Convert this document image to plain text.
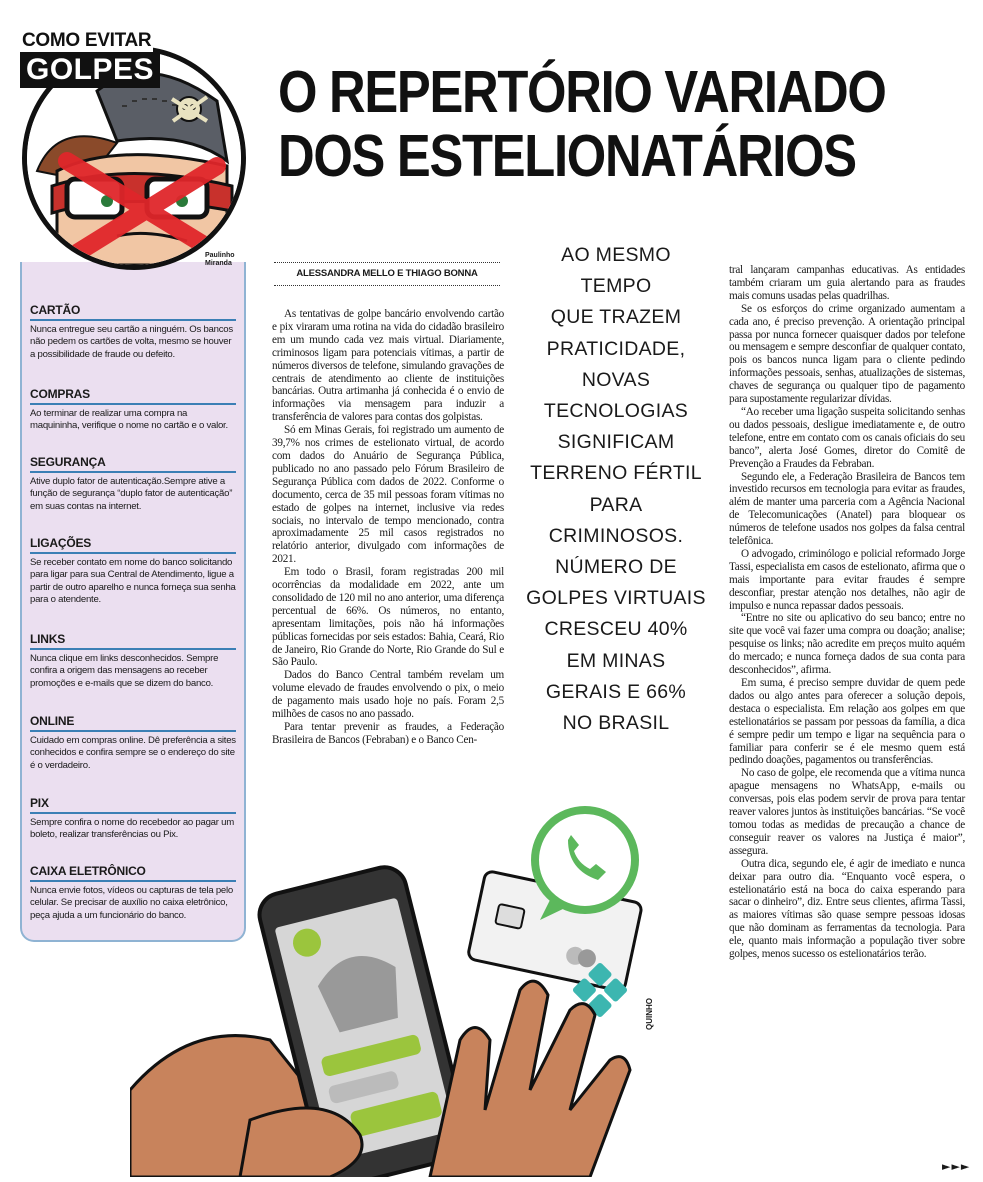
COMO EVITAR
GOLPES
Paulinho
Miranda
CARTÃO

Nunca entregue seu cartão a ninguém. Os bancos não pedem os cartões de volta, mesmo se houver a possibilidade de fraude ou defeito.

COMPRAS

Ao terminar de realizar uma compra na maquininha, verifique o nome no cartão e o valor.

SEGURANÇA

Ative duplo fator de autenticação.Sempre ative a função de segurança “duplo fator de autenticação” em suas contas na internet.

LIGAÇÕES

Se receber contato em nome do banco solicitando para ligar para sua Central de Atendimento, ligue a partir de outro aparelho e nunca forneça sua senha para o atendente.

LINKS

Nunca clique em links desconhecidos. Sempre confira a origem das mensagens ao receber promoções e e-mails que se dizem do banco.

ONLINE

Cuidado em compras online. Dê preferência a sites conhecidos e confira sempre se o endereço do site é o verdadeiro.

PIX

Sempre confira o nome do recebedor ao pagar um boleto, realizar transferências ou Pix.

CAIXA ELETRÔNICO

Nunca envie fotos, vídeos ou capturas de tela pelo celular. Se precisar de auxílio no caixa eletrônico, peça ajuda a um funcionário do banco.

O REPERTÓRIO VARIADO
DOS ESTELIONATÁRIOS
ALESSANDRA MELLO E THIAGO BONNA

As tentativas de golpe bancário envolvendo cartão e pix viraram uma rotina na vida do cidadão brasileiro em um mundo cada vez mais virtual. Diariamente, criminosos ligam para potenciais vítimas, a partir de números diversos de telefone, simulando gravações de centrais de atendimento ao cliente de instituições bancárias. Outra artimanha já conhecida é o envio de informações via mensagem para induzir a transferência de valores para contas dos golpistas.

Só em Minas Gerais, foi registrado um aumento de 39,7% nos crimes de estelionato virtual, de acordo com dados do Anuário de Segurança Pública, publicado no ano passado pelo Fórum Brasileiro de Segurança Pública com dados de 2022. Conforme o documento, cerca de 35 mil pessoas foram vítimas no estado de golpes na internet, inclusive via redes sociais, no intervalo de tempo mencionado, contra aproximadamente 25 mil casos registrados no relatório anterior, divulgado com informações de 2021.

Em todo o Brasil, foram registradas 200 mil ocorrências da modalidade em 2022, ante um consolidado de 120 mil no ano anterior, uma diferença percentual de 66%. Os números, no entanto, apresentam limitações, pois não há informações públicas fornecidas por seis estados: Bahia, Ceará, Rio de Janeiro, Rio Grande do Norte, Rio Grande do Sul e São Paulo.

Dados do Banco Central também revelam um volume elevado de fraudes envolvendo o pix, o meio de pagamento mais usado hoje no país. Foram 2,5 milhões de casos no ano passado.

Para tentar prevenir as fraudes, a Federação Brasileira de Bancos (Febraban) e o Banco Cen-

AO MESMO
TEMPO
QUE TRAZEM
PRATICIDADE,
NOVAS
TECNOLOGIAS
SIGNIFICAM
TERRENO FÉRTIL
PARA
CRIMINOSOS.
NÚMERO DE
GOLPES VIRTUAIS
CRESCEU 40%
EM MINAS
GERAIS E 66%
NO BRASIL

tral lançaram campanhas educativas. As entidades também criaram um guia alertando para as fraudes mais comuns usadas pelas quadrilhas.

Se os esforços do crime organizado aumentam a cada ano, é preciso prevenção. A orientação principal passa por nunca fornecer quaisquer dados por telefone ou mensagem e sempre desconfiar de qualquer contato, pois os bancos nunca ligam para o cliente pedindo informações pessoais, senhas, atualizações de sistemas, chaves de segurança ou qualquer tipo de pagamento para supostamente regularizar dívidas.

“Ao receber uma ligação suspeita solicitando senhas ou dados pessoais, desligue imediatamente e, de outro telefone, entre em contato com os canais oficiais do seu banco”, alerta José Gomes, diretor do Comitê de Prevenção a Fraudes da Febraban.

Segundo ele, a Federação Brasileira de Bancos tem investido recursos em tecnologia para evitar as fraudes, além de manter uma parceria com a Agência Nacional de Telecomunicações (Anatel) para bloquear os números de telefone usados nos golpes da falsa central telefônica.

O advogado, criminólogo e policial reformado Jorge Tassi, especialista em casos de estelionato, afirma que o mais importante para evitar fraudes é sempre desconfiar, prestar atenção nos detalhes, não agir de impulso e nunca repassar dados pessoais.

“Entre no site ou aplicativo do seu banco; entre no site que você vai fazer uma compra ou doação; analise; pesquise os links; não acredite em preços muito aquém do mercado; e nunca forneça dados de sua conta para desconhecidos”, afirma.

Em suma, é preciso sempre duvidar de quem pede dados ou algo antes para oferecer a solução depois, destaca o especialista. Em relação aos golpes em que estelionatários se passam por pessoas da família, a dica é sempre pedir um tempo e ligar na sequência para o familiar para conferir se é ele mesmo quem está pedindo doações, pagamentos ou transferências.

No caso de golpe, ele recomenda que a vítima nunca apague mensagens no WhatsApp, e-mails ou conversas, pois elas podem servir de prova para tentar reaver valores juntos às instituições bancárias. “Se você tomou todas as medidas de precaução a chance de conseguir reaver os valores na Justiça é maior”, assegura.

Outra dica, segundo ele, é agir de imediato e nunca deixar para outro dia. “Enquanto você espera, o estelionatário está na boca do caixa esperando para sacar o dinheiro”, diz. Entre seus clientes, afirma Tassi, as maiores vítimas são quase sempre pessoas idosas que não dominam as ferramentas da tecnologia. Para ele, quanto mais informação a população tiver sobre golpes, menos sucesso os estelionatários terão.

QUINHO
►►►
